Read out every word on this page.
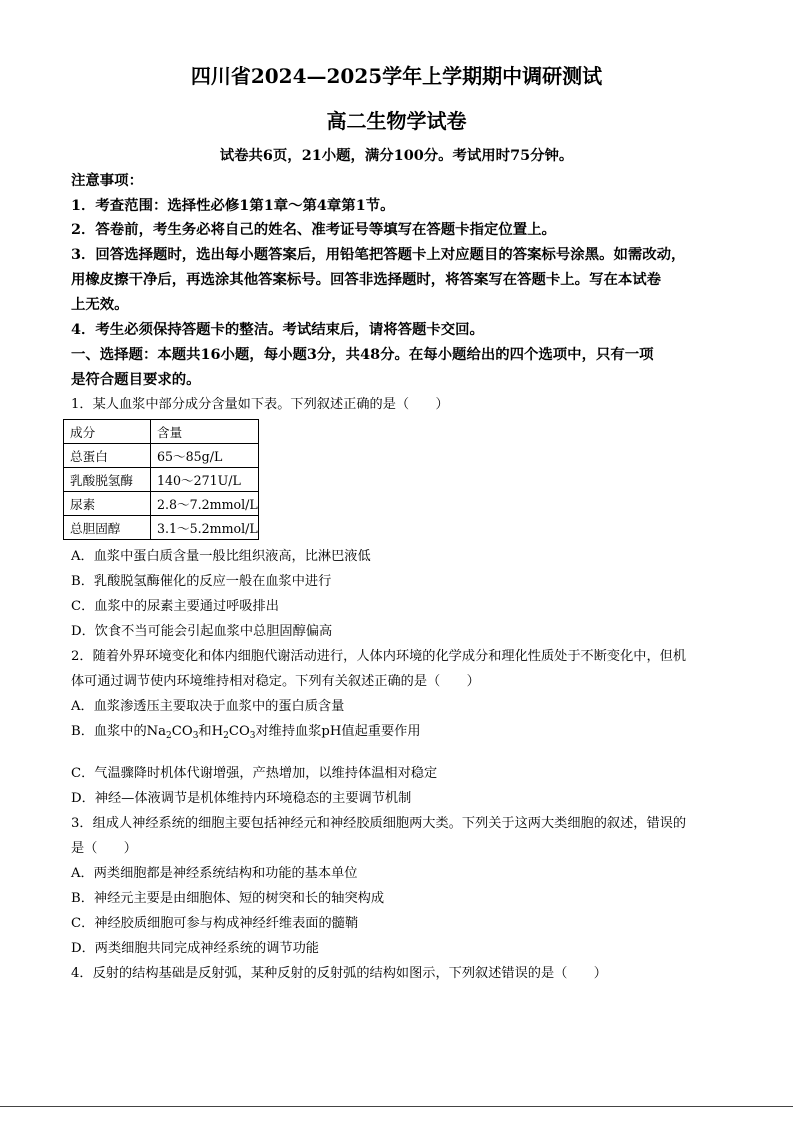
四川省2024—2025学年上学期期中调研测试
高二生物学试卷
试卷共6页，21小题，满分100分。考试用时75分钟。
注意事项：
1．考查范围：选择性必修1第1章～第4章第1节。
2．答卷前，考生务必将自己的姓名、准考证号等填写在答题卡指定位置上。
3．回答选择题时，选出每小题答案后，用铅笔把答题卡上对应题目的答案标号涂黑。如需改动，
用橡皮擦干净后，再选涂其他答案标号。回答非选择题时，将答案写在答题卡上。写在本试卷
上无效。
4．考生必须保持答题卡的整洁。考试结束后，请将答题卡交回。
一、选择题：本题共16小题，每小题3分，共48分。在每小题给出的四个选项中，只有一项
是符合题目要求的。
1．某人血浆中部分成分含量如下表。下列叙述正确的是（　　）
成分	含量
总蛋白	65～85g/L
乳酸脱氢酶	140～271U/L
尿素	2.8～7.2mmol/L
总胆固醇	3.1～5.2mmol/L
A．血浆中蛋白质含量一般比组织液高，比淋巴液低
B．乳酸脱氢酶催化的反应一般在血浆中进行
C．血浆中的尿素主要通过呼吸排出
D．饮食不当可能会引起血浆中总胆固醇偏高
2．随着外界环境变化和体内细胞代谢活动进行，人体内环境的化学成分和理化性质处于不断变化中，但机
体可通过调节使内环境维持相对稳定。下列有关叙述正确的是（　　）
A．血浆渗透压主要取决于血浆中的蛋白质含量
B．血浆中的$Na_2CO_3$和$H_2CO_3$对维持血浆pH值起重要作用
C．气温骤降时机体代谢增强，产热增加，以维持体温相对稳定
D．神经—体液调节是机体维持内环境稳态的主要调节机制
3．组成人神经系统的细胞主要包括神经元和神经胶质细胞两大类。下列关于这两大类细胞的叙述，错误的
是（　　）
A．两类细胞都是神经系统结构和功能的基本单位
B．神经元主要是由细胞体、短的树突和长的轴突构成
C．神经胶质细胞可参与构成神经纤维表面的髓鞘
D．两类细胞共同完成神经系统的调节功能
4．反射的结构基础是反射弧，某种反射的反射弧的结构如图示，下列叙述错误的是（　　）
